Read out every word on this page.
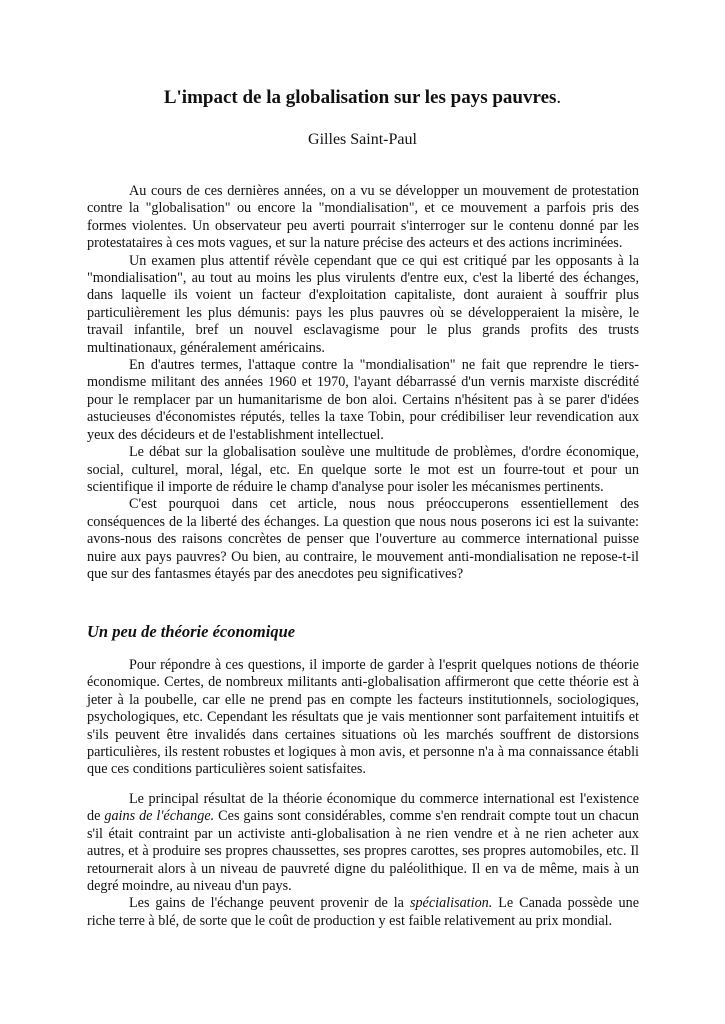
L'impact de la globalisation sur les pays pauvres.
Gilles Saint-Paul

Au cours de ces dernières années, on a vu se développer un mouvement de protestation contre la "globalisation" ou encore la "mondialisation", et ce mouvement a parfois pris des formes violentes. Un observateur peu averti pourrait s'interroger sur le contenu donné par les protestataires à ces mots vagues, et sur la nature précise des acteurs et des actions incriminées.

Un examen plus attentif révèle cependant que ce qui est critiqué par les opposants à la "mondialisation", au tout au moins les plus virulents d'entre eux, c'est la liberté des échanges, dans laquelle ils voient un facteur d'exploitation capitaliste, dont auraient à souffrir plus particulièrement les plus démunis: pays les plus pauvres où se développeraient la misère, le travail infantile, bref un nouvel esclavagisme pour le plus grands profits des trusts multinationaux, généralement américains.

En d'autres termes, l'attaque contre la "mondialisation" ne fait que reprendre le tiers-mondisme militant des années 1960 et 1970, l'ayant débarrassé d'un vernis marxiste discrédité pour le remplacer par un humanitarisme de bon aloi. Certains n'hésitent pas à se parer d'idées astucieuses d'économistes réputés, telles la taxe Tobin, pour crédibiliser leur revendication aux yeux des décideurs et de l'establishment intellectuel.

Le débat sur la globalisation soulève une multitude de problèmes, d'ordre économique, social, culturel, moral, légal, etc. En quelque sorte le mot est un fourre-tout et pour un scientifique il importe de réduire le champ d'analyse pour isoler les mécanismes pertinents.

C'est pourquoi dans cet article, nous nous préoccuperons essentiellement des conséquences de la liberté des échanges. La question que nous nous poserons ici est la suivante: avons-nous des raisons concrètes de penser que l'ouverture au commerce international puisse nuire aux pays pauvres? Ou bien, au contraire, le mouvement anti-mondialisation ne repose-t-il que sur des fantasmes étayés par des anecdotes peu significatives?

Un peu de théorie économique

Pour répondre à ces questions, il importe de garder à l'esprit quelques notions de théorie économique. Certes, de nombreux militants anti-globalisation affirmeront que cette théorie est à jeter à la poubelle, car elle ne prend pas en compte les facteurs institutionnels, sociologiques, psychologiques, etc. Cependant les résultats que je vais mentionner sont parfaitement intuitifs et s'ils peuvent être invalidés dans certaines situations où les marchés souffrent de distorsions particulières, ils restent robustes et logiques à mon avis, et personne n'a à ma connaissance établi que ces conditions particulières soient satisfaites.

Le principal résultat de la théorie économique du commerce international est l'existence de gains de l'échange. Ces gains sont considérables, comme s'en rendrait compte tout un chacun s'il était contraint par un activiste anti-globalisation à ne rien vendre et à ne rien acheter aux autres, et à produire ses propres chaussettes, ses propres carottes, ses propres automobiles, etc. Il retournerait alors à un niveau de pauvreté digne du paléolithique. Il en va de même, mais à un degré moindre, au niveau d'un pays.

Les gains de l'échange peuvent provenir de la spécialisation. Le Canada possède une riche terre à blé, de sorte que le coût de production y est faible relativement au prix mondial.
